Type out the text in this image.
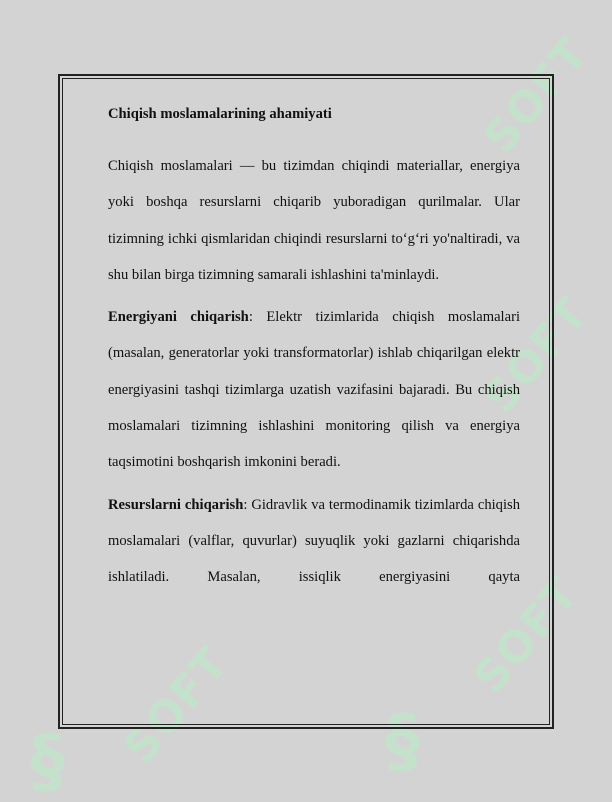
SOFT
SOFT
SOFT
SOFT §
§

Chiqish moslamalarining ahamiyati

Chiqish moslamalari — bu tizimdan chiqindi materiallar, energiya yoki boshqa resurslarni chiqarib yuboradigan qurilmalar. Ular tizimning ichki qismlaridan chiqindi resurslarni to‘g‘ri yo'naltiradi, va shu bilan birga tizimning samarali ishlashini ta'minlaydi.

Energiyani chiqarish: Elektr tizimlarida chiqish moslamalari (masalan, generatorlar yoki transformatorlar) ishlab chiqarilgan elektr energiyasini tashqi tizimlarga uzatish vazifasini bajaradi. Bu chiqish moslamalari tizimning ishlashini monitoring qilish va energiya taqsimotini boshqarish imkonini beradi.

Resurslarni chiqarish: Gidravlik va termodinamik tizimlarda chiqish moslamalari (valflar, quvurlar) suyuqlik yoki gazlarni chiqarishda ishlatiladi. Masalan, issiqlik energiyasini qayta
